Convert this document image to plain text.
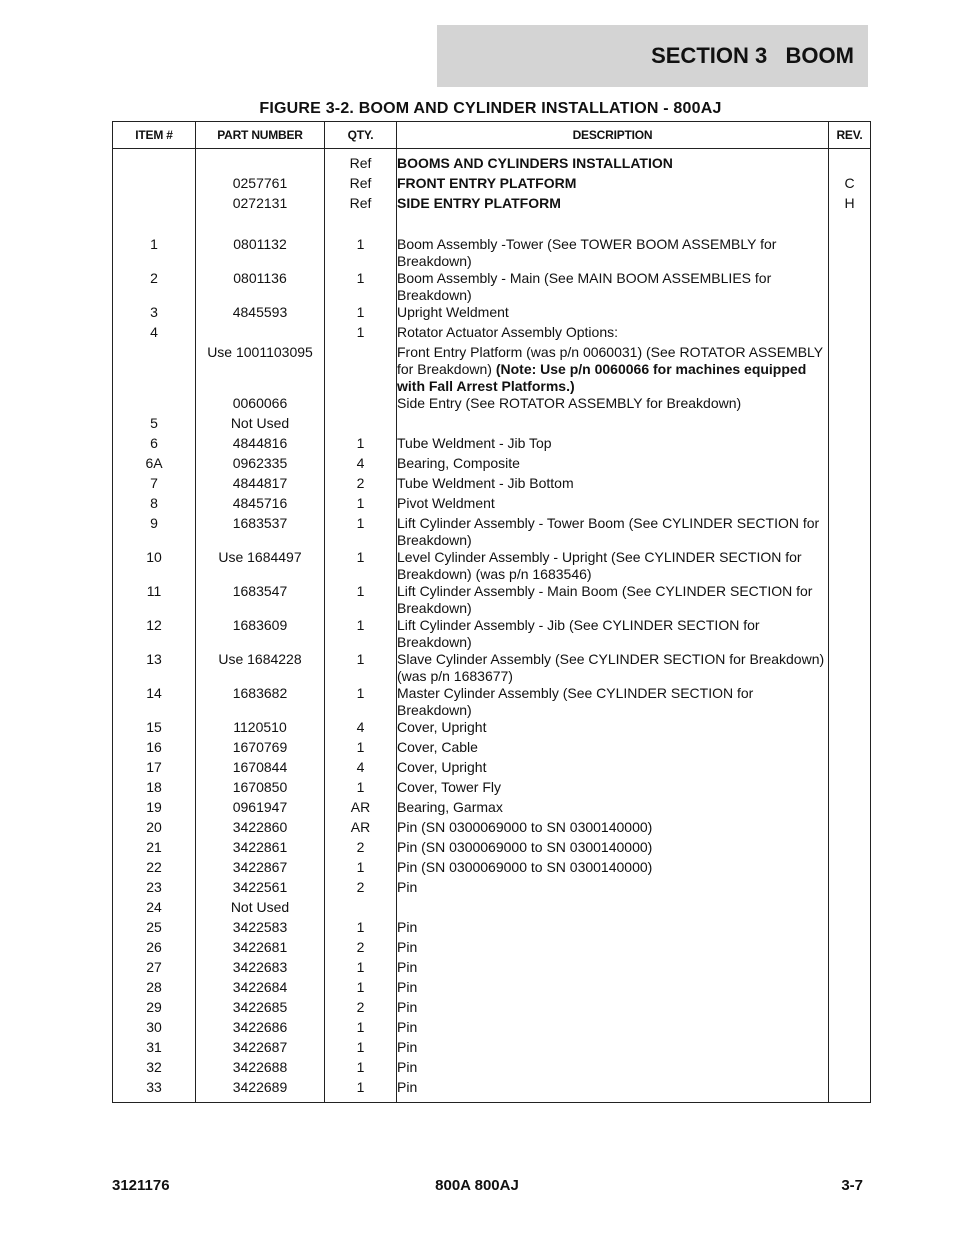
SECTION 3   BOOM
FIGURE 3-2. BOOM AND CYLINDER INSTALLATION - 800AJ
ITEM #	PART NUMBER	QTY.	DESCRIPTION	REV.
		Ref	BOOMS AND CYLINDERS INSTALLATION	
	0257761	Ref	FRONT ENTRY PLATFORM	C
	0272131	Ref	SIDE ENTRY PLATFORM	H

1	0801132	1	Boom Assembly -Tower (See TOWER BOOM ASSEMBLY for Breakdown)	
2	0801136	1	Boom Assembly - Main (See MAIN BOOM ASSEMBLIES for Breakdown)	
3	4845593	1	Upright Weldment	
4		1	Rotator Actuator Assembly Options:	
	Use 1001103095		Front Entry Platform (was p/n 0060031) (See ROTATOR ASSEMBLY for Breakdown) (Note: Use p/n 0060066 for machines equipped with Fall Arrest Platforms.)	
	0060066		Side Entry (See ROTATOR ASSEMBLY for Breakdown)	
5	Not Used			
6	4844816	1	Tube Weldment - Jib Top	
6A	0962335	4	Bearing, Composite	
7	4844817	2	Tube Weldment - Jib Bottom	
8	4845716	1	Pivot Weldment	
9	1683537	1	Lift Cylinder Assembly - Tower Boom (See CYLINDER SECTION for Breakdown)	
10	Use 1684497	1	Level Cylinder Assembly - Upright (See CYLINDER SECTION for Breakdown) (was p/n 1683546)	
11	1683547	1	Lift Cylinder Assembly - Main Boom (See CYLINDER SECTION for Breakdown)	
12	1683609	1	Lift Cylinder Assembly - Jib (See CYLINDER SECTION for Breakdown)	
13	Use 1684228	1	Slave Cylinder Assembly (See CYLINDER SECTION for Breakdown) (was p/n 1683677)	
14	1683682	1	Master Cylinder Assembly (See CYLINDER SECTION for Breakdown)	
15	1120510	4	Cover, Upright	
16	1670769	1	Cover, Cable	
17	1670844	4	Cover, Upright	
18	1670850	1	Cover, Tower Fly	
19	0961947	AR	Bearing, Garmax	
20	3422860	AR	Pin (SN 0300069000 to SN 0300140000)	
21	3422861	2	Pin (SN 0300069000 to SN 0300140000)	
22	3422867	1	Pin (SN 0300069000 to SN 0300140000)	
23	3422561	2	Pin	
24	Not Used			
25	3422583	1	Pin	
26	3422681	2	Pin	
27	3422683	1	Pin	
28	3422684	1	Pin	
29	3422685	2	Pin	
30	3422686	1	Pin	
31	3422687	1	Pin	
32	3422688	1	Pin	
33	3422689	1	Pin	
3121176	800A 800AJ	3-7
